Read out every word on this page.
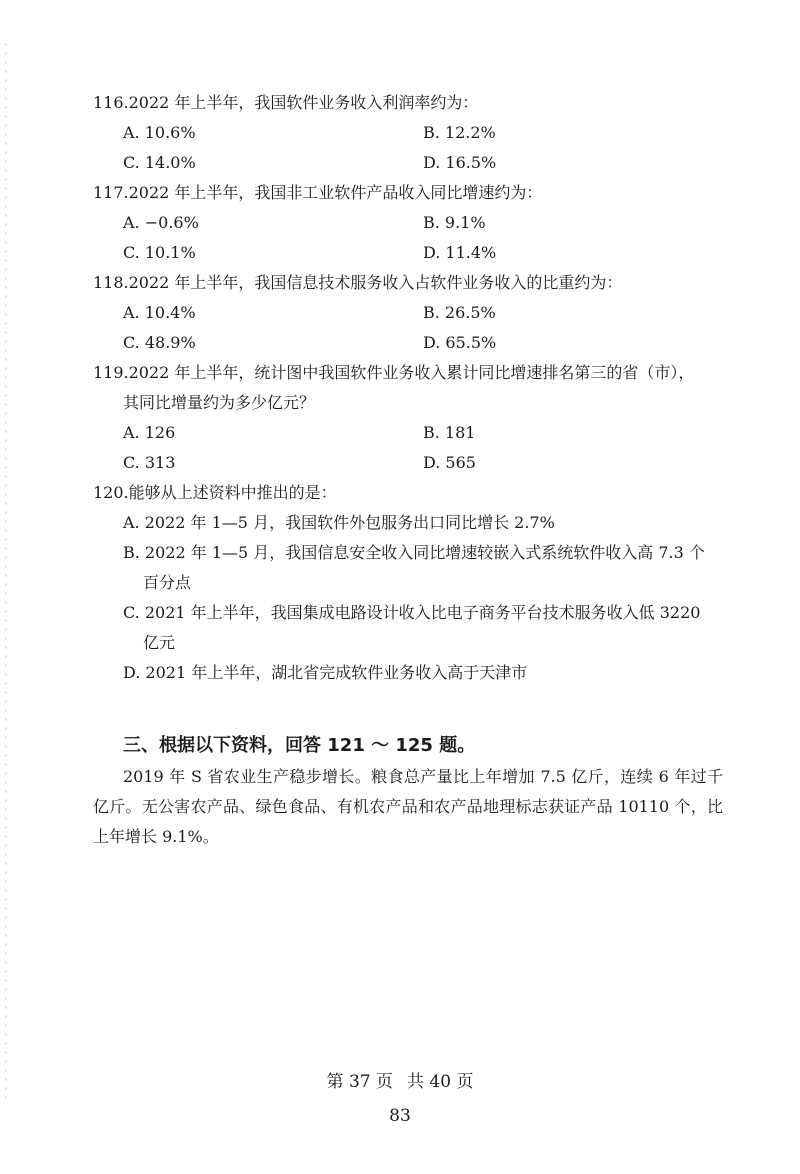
116.2022 年上半年，我国软件业务收入利润率约为：
A. 10.6%	B. 12.2%
C. 14.0%	D. 16.5%
117.2022 年上半年，我国非工业软件产品收入同比增速约为：
A. −0.6%	B. 9.1%
C. 10.1%	D. 11.4%
118.2022 年上半年，我国信息技术服务收入占软件业务收入的比重约为：
A. 10.4%	B. 26.5%
C. 48.9%	D. 65.5%
119.2022 年上半年，统计图中我国软件业务收入累计同比增速排名第三的省（市），
其同比增量约为多少亿元？
A. 126	B. 181
C. 313	D. 565
120.能够从上述资料中推出的是：
A. 2022 年 1—5 月，我国软件外包服务出口同比增长 2.7%
B. 2022 年 1—5 月，我国信息安全收入同比增速较嵌入式系统软件收入高 7.3 个
百分点
C. 2021 年上半年，我国集成电路设计收入比电子商务平台技术服务收入低 3220
亿元
D. 2021 年上半年，湖北省完成软件业务收入高于天津市
三、根据以下资料，回答 121 ～ 125 题。
2019 年 S 省农业生产稳步增长。粮食总产量比上年增加 7.5 亿斤，连续 6 年过千亿斤。无公害农产品、绿色食品、有机农产品和农产品地理标志获证产品 10110 个，比上年增长 9.1%。
第 37 页 共 40 页
83
